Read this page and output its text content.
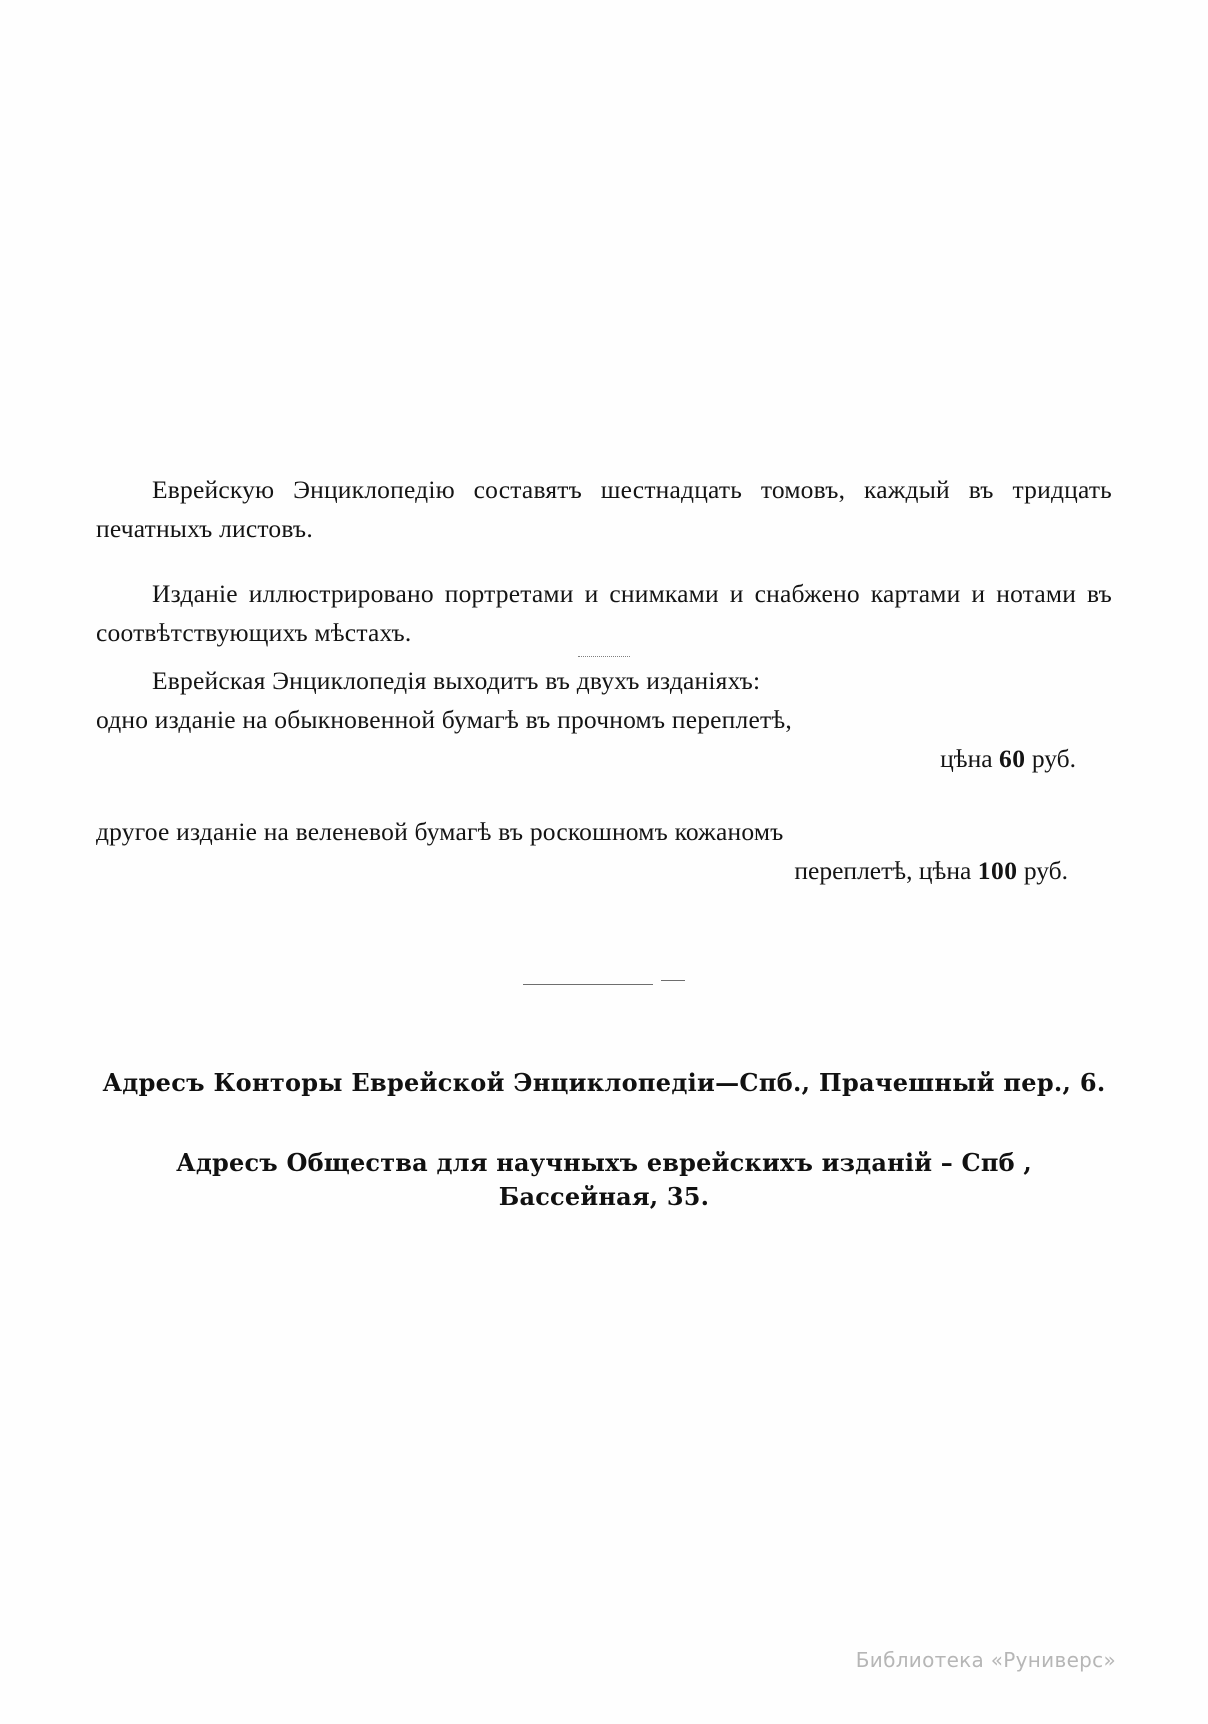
Еврейскую Энциклопедію составятъ шестнадцать томовъ, каждый въ тридцать печатныхъ листовъ.

Изданіе иллюстрировано портретами и снимками и снабжено картами и нотами въ соотвѣтствующихъ мѣстахъ.

Еврейская Энциклопедія выходитъ въ двухъ изданіяхъ:

одно изданіе на обыкновенной бумагѣ въ прочномъ переплетѣ,

цѣна 60 руб.

другое изданіе на веленевой бумагѣ въ роскошномъ кожаномъ

переплетѣ, цѣна 100 руб.

Адресъ Конторы Еврейской Энциклопедіи—Спб., Прачешный пер., 6.

Адресъ Общества для научныхъ еврейскихъ изданій – Спб , Бассейная, 35.

Библиотека «Руниверс»
